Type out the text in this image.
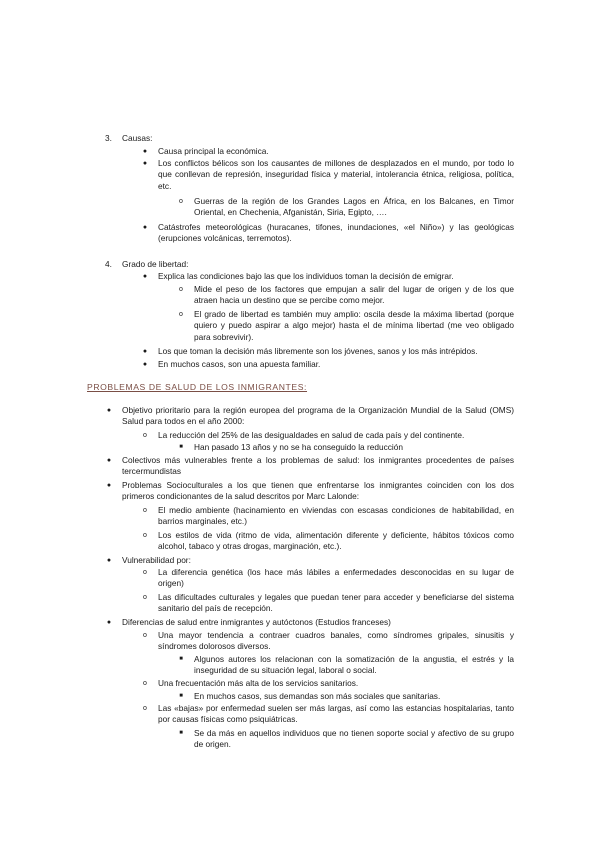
3. Causas:
●	Causa principal la económica.
●	Los conflictos bélicos son los causantes de millones de desplazados en el mundo, por todo lo que conllevan de represión, inseguridad física y material, intolerancia étnica, religiosa, política, etc.
o	Guerras de la región de los Grandes Lagos en África, en los Balcanes, en Timor Oriental, en Chechenia, Afganistán, Siria, Egipto, ….
●	Catástrofes meteorológicas (huracanes, tifones, inundaciones, «el Niño») y las geológicas (erupciones volcánicas, terremotos).
4. Grado de libertad:
●	Explica las condiciones bajo las que los individuos toman la decisión de emigrar.
o	Mide el peso de los factores que empujan a salir del lugar de origen y de los que atraen hacia un destino que se percibe como mejor.
o	El grado de libertad es también muy amplio: oscila desde la máxima libertad (porque quiero y puedo aspirar a algo mejor) hasta el de mínima libertad (me veo obligado para sobrevivir).
●	Los que toman la decisión más libremente son los jóvenes, sanos y los más intrépidos.
●	En muchos casos, son una apuesta familiar.
PROBLEMAS DE SALUD DE LOS INMIGRANTES:
●	Objetivo prioritario para la región europea del programa de la Organización Mundial de la Salud (OMS) Salud para todos en el año 2000:
o	La reducción del 25% de las desigualdades en salud de cada país y del continente.
■	Han pasado 13 años y no se ha conseguido la reducción
●	Colectivos más vulnerables frente a los problemas de salud: los inmigrantes procedentes de países tercermundistas
●	Problemas Socioculturales a los que tienen que enfrentarse los inmigrantes coinciden con los dos primeros condicionantes de la salud descritos por Marc Lalonde:
o	El medio ambiente (hacinamiento en viviendas con escasas condiciones de habitabilidad, en barrios marginales, etc.)
o	Los estilos de vida (ritmo de vida, alimentación diferente y deficiente, hábitos tóxicos como alcohol, tabaco y otras drogas, marginación, etc.).
●	Vulnerabilidad por:
o	La diferencia genética (los hace más lábiles a enfermedades desconocidas en su lugar de origen)
o	Las dificultades culturales y legales que puedan tener para acceder y beneficiarse del sistema sanitario del país de recepción.
●	Diferencias de salud entre inmigrantes y autóctonos (Estudios franceses)
o	Una mayor tendencia a contraer cuadros banales, como síndromes gripales, sinusitis y síndromes dolorosos diversos.
■	Algunos autores los relacionan con la somatización de la angustia, el estrés y la inseguridad de su situación legal, laboral o social.
o	Una frecuentación más alta de los servicios sanitarios.
■	En muchos casos, sus demandas son más sociales que sanitarias.
o	Las «bajas» por enfermedad suelen ser más largas, así como las estancias hospitalarias, tanto por causas físicas como psiquiátricas.
■	Se da más en aquellos individuos que no tienen soporte social y afectivo de su grupo de origen.
